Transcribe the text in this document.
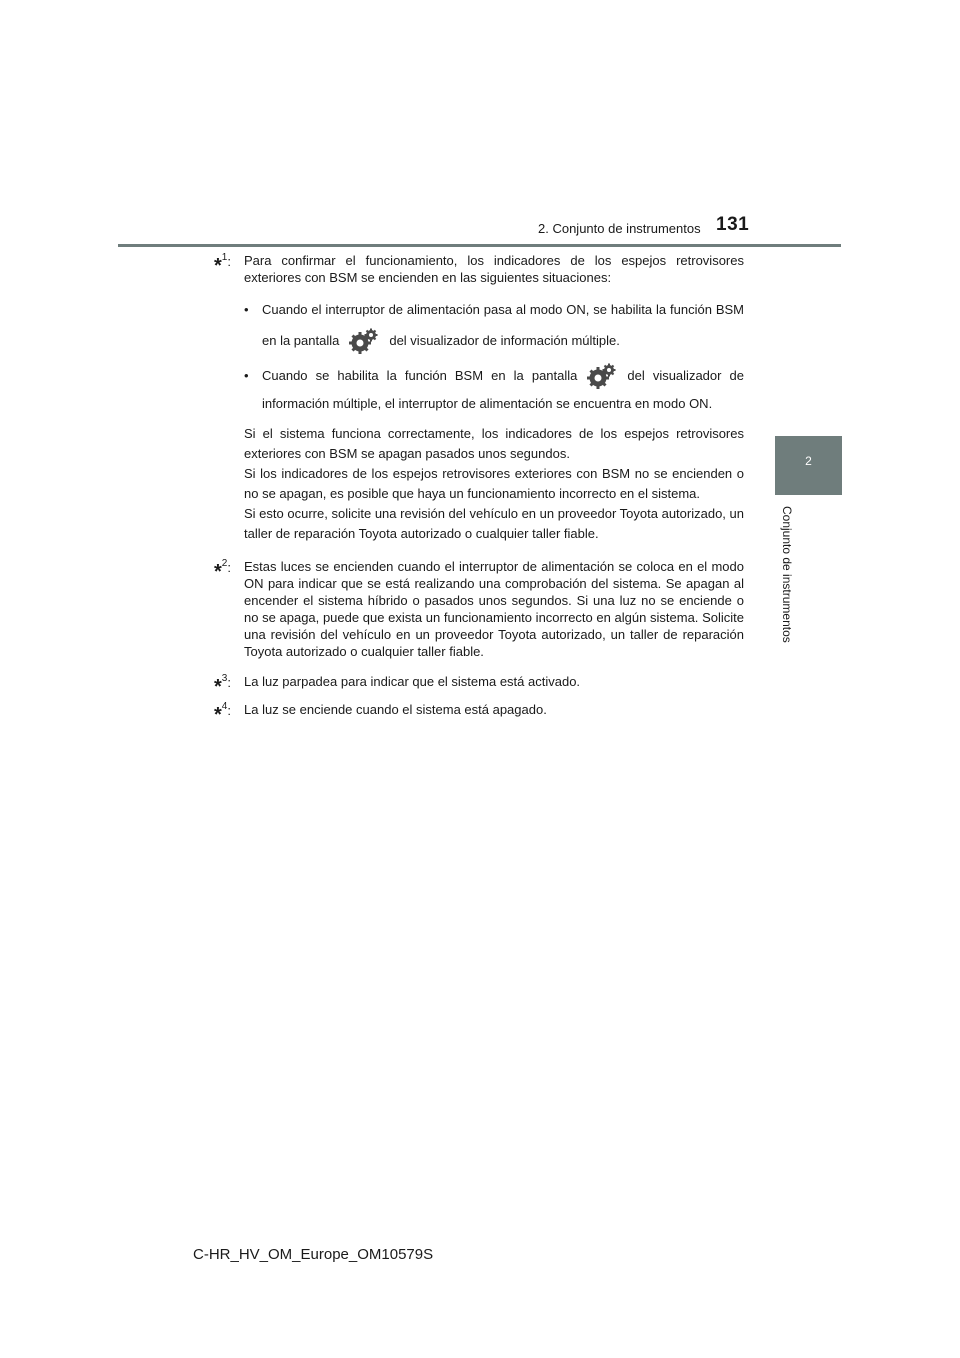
2. Conjunto de instrumentos 131
2
Conjunto de instrumentos
*$^1$:	Para confirmar el funcionamiento, los indicadores de los espejos retrovisores exteriores con BSM se encienden en las siguientes situaciones:
• Cuando el interruptor de alimentación pasa al modo ON, se habilita la función BSM en la pantalla	del visualizador de información múltiple.
• Cuando se habilita la función BSM en la pantalla	del visualizador de información múltiple, el interruptor de alimentación se encuentra en modo ON.
Si el sistema funciona correctamente, los indicadores de los espejos retrovisores exteriores con BSM se apagan pasados unos segundos.
Si los indicadores de los espejos retrovisores exteriores con BSM no se encienden o no se apagan, es posible que haya un funcionamiento incorrecto en el sistema.
Si esto ocurre, solicite una revisión del vehículo en un proveedor Toyota autorizado, un taller de reparación Toyota autorizado o cualquier taller fiable.
*$^2$:	Estas luces se encienden cuando el interruptor de alimentación se coloca en el modo ON para indicar que se está realizando una comprobación del sistema. Se apagan al encender el sistema híbrido o pasados unos segundos. Si una luz no se enciende o no se apaga, puede que exista un funcionamiento incorrecto en algún sistema. Solicite una revisión del vehículo en un proveedor Toyota autorizado, un taller de reparación Toyota autorizado o cualquier taller fiable.
*$^3$:	La luz parpadea para indicar que el sistema está activado.
*$^4$:	La luz se enciende cuando el sistema está apagado.
C-HR_HV_OM_Europe_OM10579S
